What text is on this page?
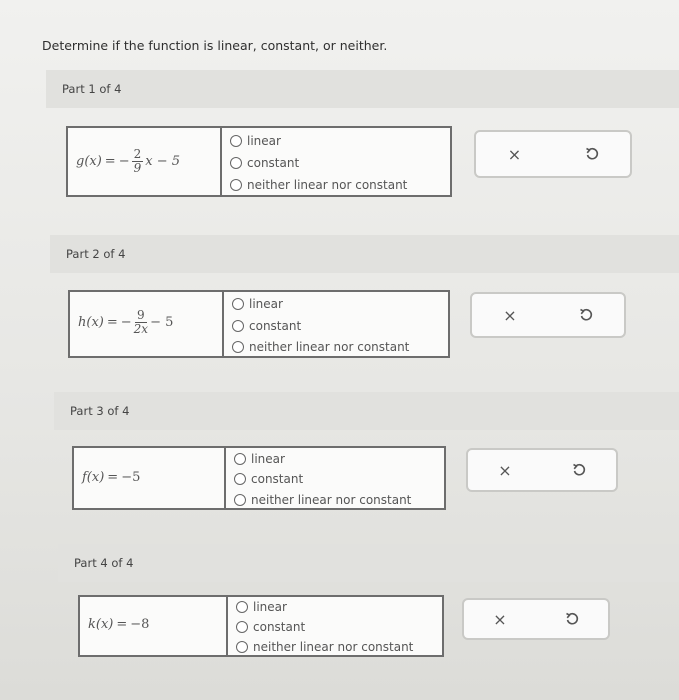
Determine if the function is linear, constant, or neither.
Part 1 of 4
g(x) = − $\frac{2}{9}$ x − 5
linear
constant
neither linear nor constant
×
Part 2 of 4
h(x) = − $\frac{9}{2x} - 5$
linear
constant
neither linear nor constant
×
Part 3 of 4
f(x) = −5
linear
constant
neither linear nor constant
×
Part 4 of 4
k(x) = −8
linear
constant
neither linear nor constant
×
